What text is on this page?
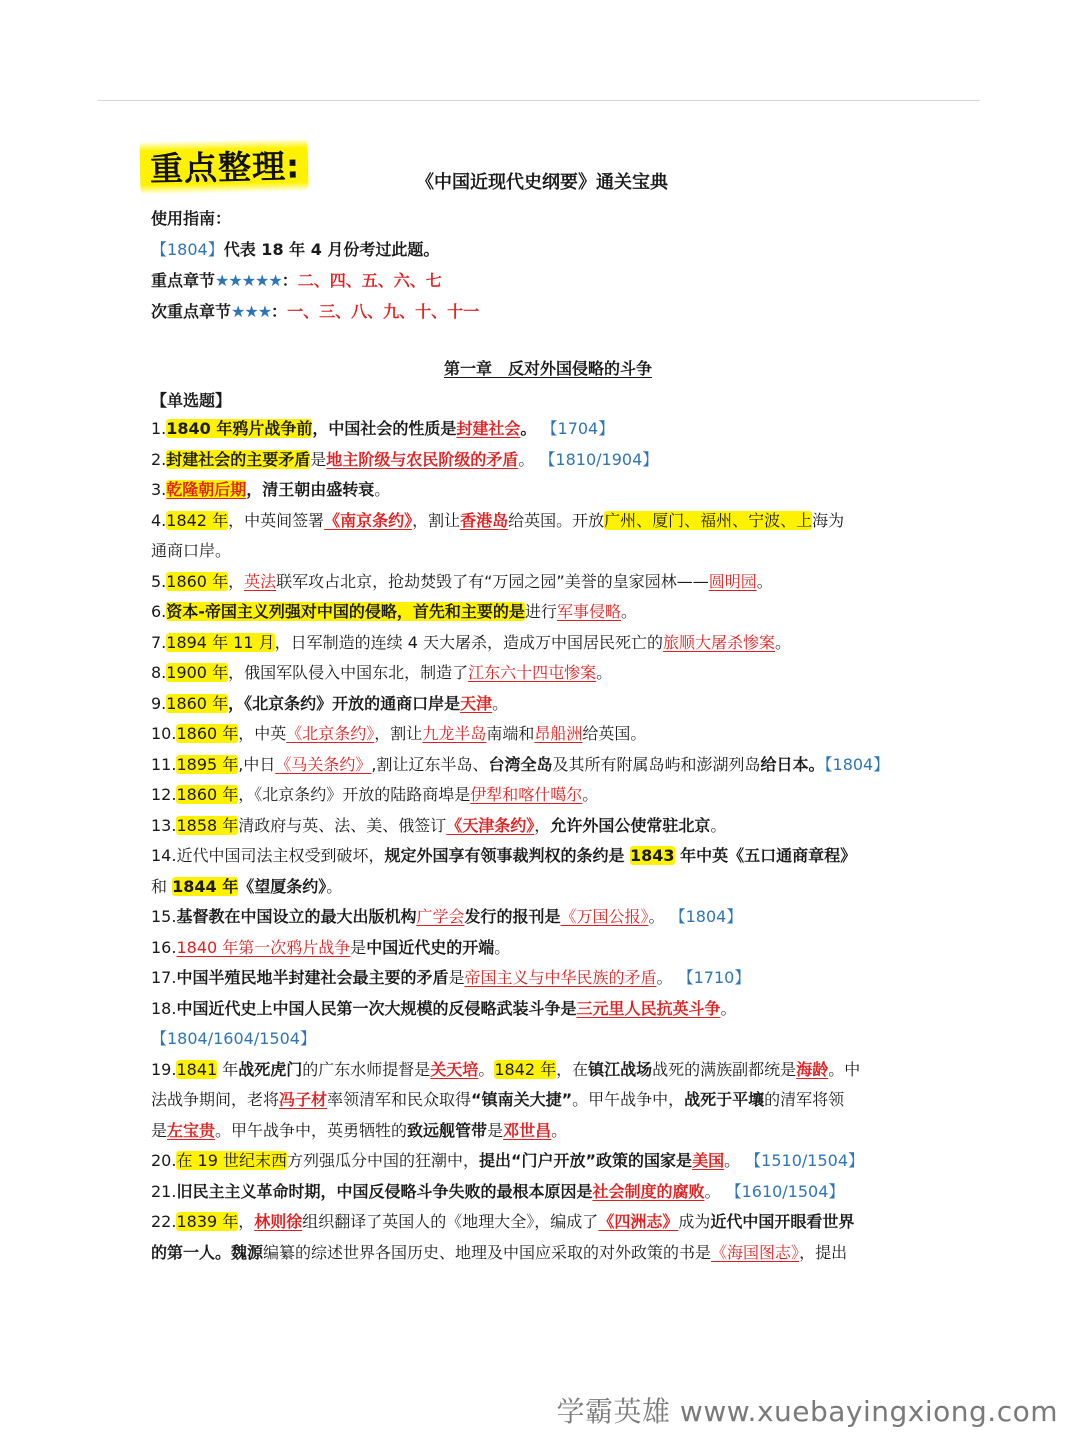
重点整理:	《中国近现代史纲要》通关宝典
使用指南：
【1804】代表 18 年 4 月份考过此题。
重点章节★★★★★：二、四、五、六、七
次重点章节★★★：一、三、八、九、十、十一
第一章　反对外国侵略的斗争
【单选题】
1.1840 年鸦片战争前，中国社会的性质是封建社会。 【1704】
2.封建社会的主要矛盾是地主阶级与农民阶级的矛盾。 【1810/1904】
3.乾隆朝后期，清王朝由盛转衰。
4.1842 年，中英间签署《南京条约》，割让香港岛给英国。开放广州、厦门、福州、宁波、上海为
通商口岸。
5.1860 年，英法联军攻占北京，抢劫焚毁了有“万园之园”美誉的皇家园林——圆明园。
6.资本-帝国主义列强对中国的侵略，首先和主要的是进行军事侵略。
7.1894 年 11 月，日军制造的连续 4 天大屠杀，造成万中国居民死亡的旅顺大屠杀惨案。
8.1900 年，俄国军队侵入中国东北，制造了江东六十四屯惨案。
9.1860 年，《北京条约》开放的通商口岸是天津。
10.1860 年，中英《北京条约》，割让九龙半岛南端和昂船洲给英国。
11.1895 年,中日《马关条约》,割让辽东半岛、台湾全岛及其所有附属岛屿和澎湖列岛给日本。【1804】
12.1860 年，《北京条约》开放的陆路商埠是伊犁和喀什噶尔。
13.1858 年清政府与英、法、美、俄签订《天津条约》，允许外国公使常驻北京。
14.近代中国司法主权受到破坏，规定外国享有领事裁判权的条约是 1843 年中英《五口通商章程》
和 1844 年《望厦条约》。
15.基督教在中国设立的最大出版机构广学会发行的报刊是《万国公报》。 【1804】
16.1840 年第一次鸦片战争是中国近代史的开端。
17.中国半殖民地半封建社会最主要的矛盾是帝国主义与中华民族的矛盾。 【1710】
18.中国近代史上中国人民第一次大规模的反侵略武装斗争是三元里人民抗英斗争。
【1804/1604/1504】
19.1841 年战死虎门的广东水师提督是关天培。1842 年，在镇江战场战死的满族副都统是海龄。中
法战争期间，老将冯子材率领清军和民众取得“镇南关大捷”。甲午战争中，战死于平壤的清军将领
是左宝贵。甲午战争中，英勇牺牲的致远舰管带是邓世昌。
20.在 19 世纪末西方列强瓜分中国的狂潮中，提出“门户开放”政策的国家是美国。 【1510/1504】
21.旧民主主义革命时期，中国反侵略斗争失败的最根本原因是社会制度的腐败。 【1610/1504】
22.1839 年，林则徐组织翻译了英国人的《地理大全》，编成了《四洲志》成为近代中国开眼看世界
的第一人。魏源编纂的综述世界各国历史、地理及中国应采取的对外政策的书是《海国图志》，提出
学霸英雄 www.xuebayingxiong.com
